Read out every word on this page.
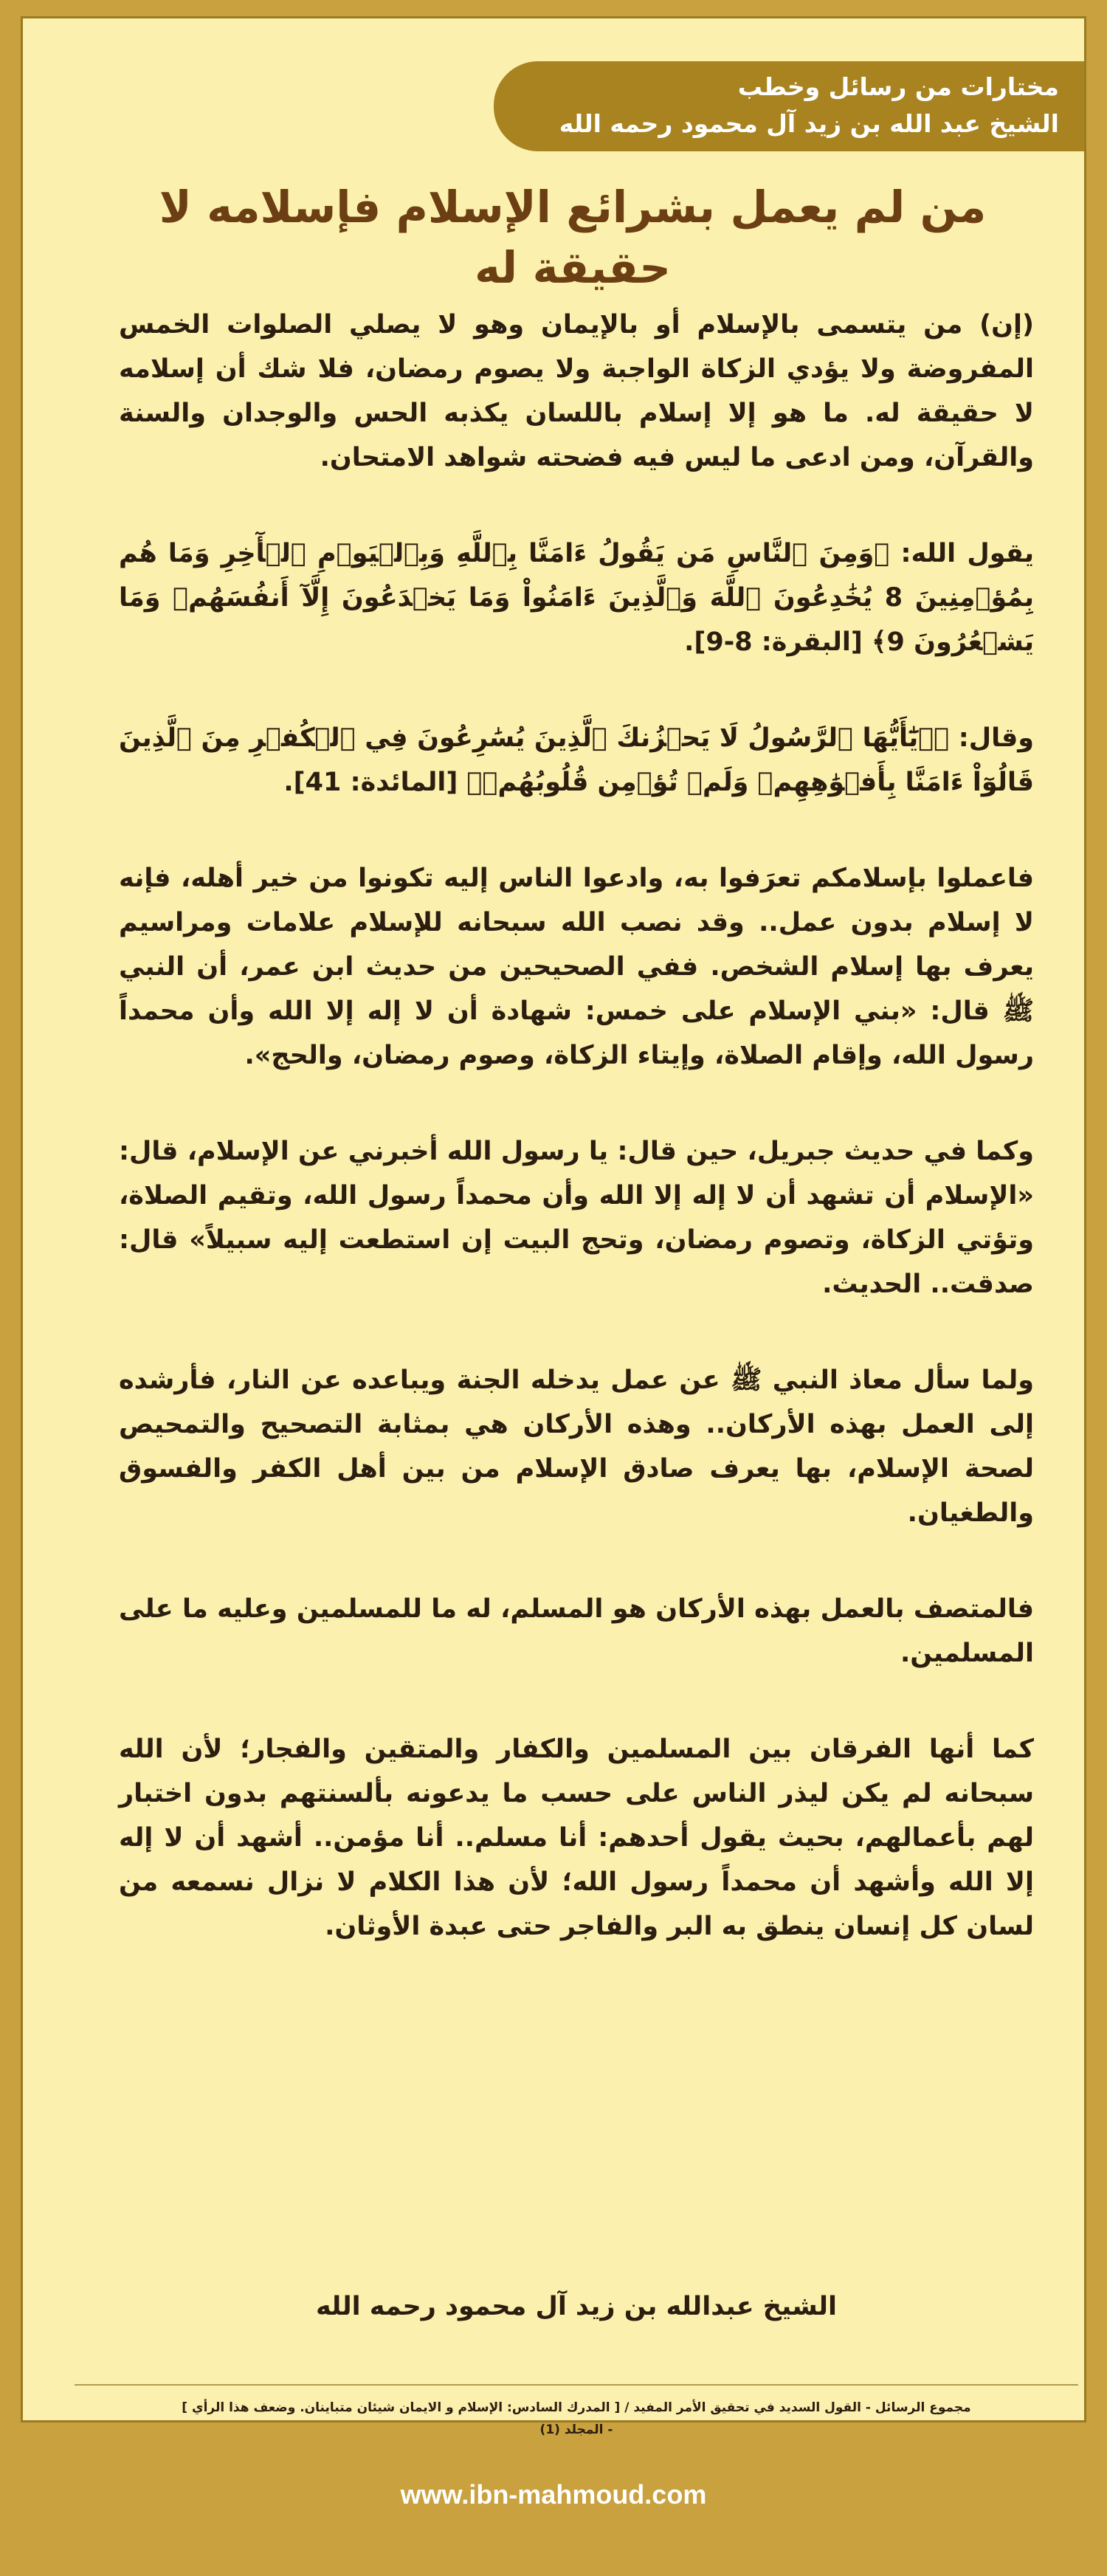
مختارات من رسائل وخطب
الشيخ عبد الله بن زيد آل محمود رحمه الله
من لم يعمل بشرائع الإسلام فإسلامه لا حقيقة له

(إن) من يتسمى بالإسلام أو بالإيمان وهو لا يصلي الصلوات الخمس المفروضة ولا يؤدي الزكاة الواجبة ولا يصوم رمضان، فلا شك أن إسلامه لا حقيقة له. ما هو إلا إسلام باللسان يكذبه الحس والوجدان والسنة والقرآن، ومن ادعى ما ليس فيه فضحته شواهد الامتحان.

يقول الله: ﴿وَمِنَ ٱلنَّاسِ مَن يَقُولُ ءَامَنَّا بِٱللَّهِ وَبِٱلۡيَوۡمِ ٱلۡأٓخِرِ وَمَا هُم بِمُؤۡمِنِينَ 8 يُخَٰدِعُونَ ٱللَّهَ وَٱلَّذِينَ ءَامَنُواْ وَمَا يَخۡدَعُونَ إِلَّآ أَنفُسَهُمۡ وَمَا يَشۡعُرُونَ 9﴾ [البقرة: 8-9].

وقال: ﴿۞يَٰٓأَيُّهَا ٱلرَّسُولُ لَا يَحۡزُنكَ ٱلَّذِينَ يُسَٰرِعُونَ فِي ٱلۡكُفۡرِ مِنَ ٱلَّذِينَ قَالُوٓاْ ءَامَنَّا بِأَفۡوَٰهِهِمۡ وَلَمۡ تُؤۡمِن قُلُوبُهُمۡ﴾ [المائدة: 41].

فاعملوا بإسلامكم تعرَفوا به، وادعوا الناس إليه تكونوا من خير أهله، فإنه لا إسلام بدون عمل.. وقد نصب الله سبحانه للإسلام علامات ومراسيم يعرف بها إسلام الشخص. ففي الصحيحين من حديث ابن عمر، أن النبي ﷺ قال: «بني الإسلام على خمس: شهادة أن لا إله إلا الله وأن محمداً رسول الله، وإقام الصلاة، وإيتاء الزكاة، وصوم رمضان، والحج».

وكما في حديث جبريل، حين قال: يا رسول الله أخبرني عن الإسلام، قال: «الإسلام أن تشهد أن لا إله إلا الله وأن محمداً رسول الله، وتقيم الصلاة، وتؤتي الزكاة، وتصوم رمضان، وتحج البيت إن استطعت إليه سبيلاً» قال: صدقت.. الحديث.

ولما سأل معاذ النبي ﷺ عن عمل يدخله الجنة ويباعده عن النار، فأرشده إلى العمل بهذه الأركان.. وهذه الأركان هي بمثابة التصحيح والتمحيص لصحة الإسلام، بها يعرف صادق الإسلام من بين أهل الكفر والفسوق والطغيان.

فالمتصف بالعمل بهذه الأركان هو المسلم، له ما للمسلمين وعليه ما على المسلمين.

كما أنها الفرقان بين المسلمين والكفار والمتقين والفجار؛ لأن الله سبحانه لم يكن ليذر الناس على حسب ما يدعونه بألسنتهم بدون اختبار لهم بأعمالهم، بحيث يقول أحدهم: أنا مسلم.. أنا مؤمن.. أشهد أن لا إله إلا الله وأشهد أن محمداً رسول الله؛ لأن هذا الكلام لا نزال نسمعه من لسان كل إنسان ينطق به البر والفاجر حتى عبدة الأوثان.

الشيخ عبدالله بن زيد آل محمود رحمه الله
مجموع الرسائل - القول السديد في تحقيق الأمر المفيد / [ المدرك السادس: الإسلام و الايمان شيئان متباينان. وضعف هذا الرأي ]
- المجلد (1)
www.ibn-mahmoud.com
